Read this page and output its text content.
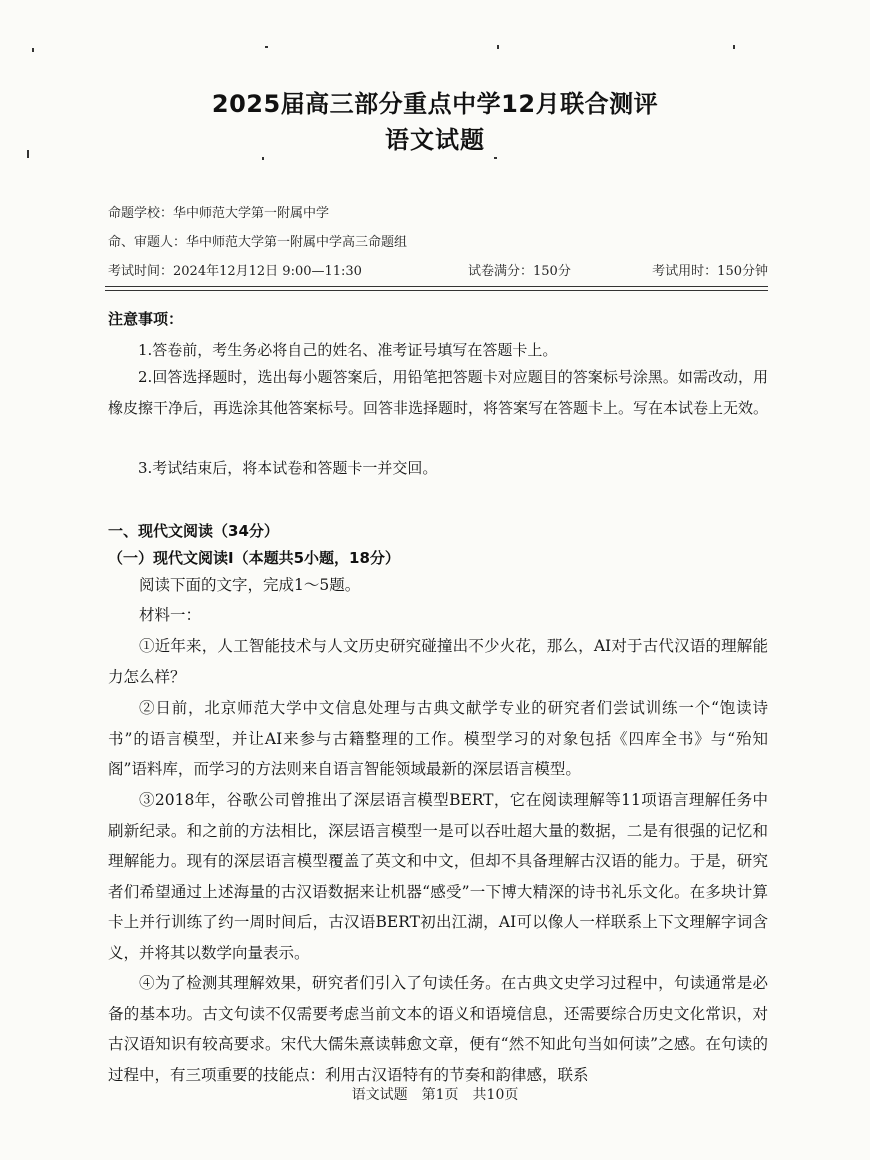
2025届高三部分重点中学12月联合测评
语文试题
命题学校：华中师范大学第一附属中学
命、审题人：华中师范大学第一附属中学高三命题组
考试时间：2024年12月12日 9:00—11:30	试卷满分：150分	考试用时：150分钟
注意事项：

1.答卷前，考生务必将自己的姓名、准考证号填写在答题卡上。

2.回答选择题时，选出每小题答案后，用铅笔把答题卡对应题目的答案标号涂黑。如需改动，用橡皮擦干净后，再选涂其他答案标号。回答非选择题时，将答案写在答题卡上。写在本试卷上无效。

3.考试结束后，将本试卷和答题卡一并交回。

一、现代文阅读（34分）
（一）现代文阅读Ⅰ（本题共5小题，18分）

阅读下面的文字，完成1～5题。

材料一：

①近年来，人工智能技术与人文历史研究碰撞出不少火花，那么，AI对于古代汉语的理解能力怎么样？

②日前，北京师范大学中文信息处理与古典文献学专业的研究者们尝试训练一个“饱读诗书”的语言模型，并让AI来参与古籍整理的工作。模型学习的对象包括《四库全书》与“殆知阁”语料库，而学习的方法则来自语言智能领域最新的深层语言模型。

③2018年，谷歌公司曾推出了深层语言模型BERT，它在阅读理解等11项语言理解任务中刷新纪录。和之前的方法相比，深层语言模型一是可以吞吐超大量的数据，二是有很强的记忆和理解能力。现有的深层语言模型覆盖了英文和中文，但却不具备理解古汉语的能力。于是，研究者们希望通过上述海量的古汉语数据来让机器“感受”一下博大精深的诗书礼乐文化。在多块计算卡上并行训练了约一周时间后，古汉语BERT初出江湖，AI可以像人一样联系上下文理解字词含义，并将其以数学向量表示。

④为了检测其理解效果，研究者们引入了句读任务。在古典文史学习过程中，句读通常是必备的基本功。古文句读不仅需要考虑当前文本的语义和语境信息，还需要综合历史文化常识，对古汉语知识有较高要求。宋代大儒朱熹读韩愈文章，便有“然不知此句当如何读”之感。在句读的过程中，有三项重要的技能点：利用古汉语特有的节奏和韵律感，联系

语文试题　第1页　共10页
